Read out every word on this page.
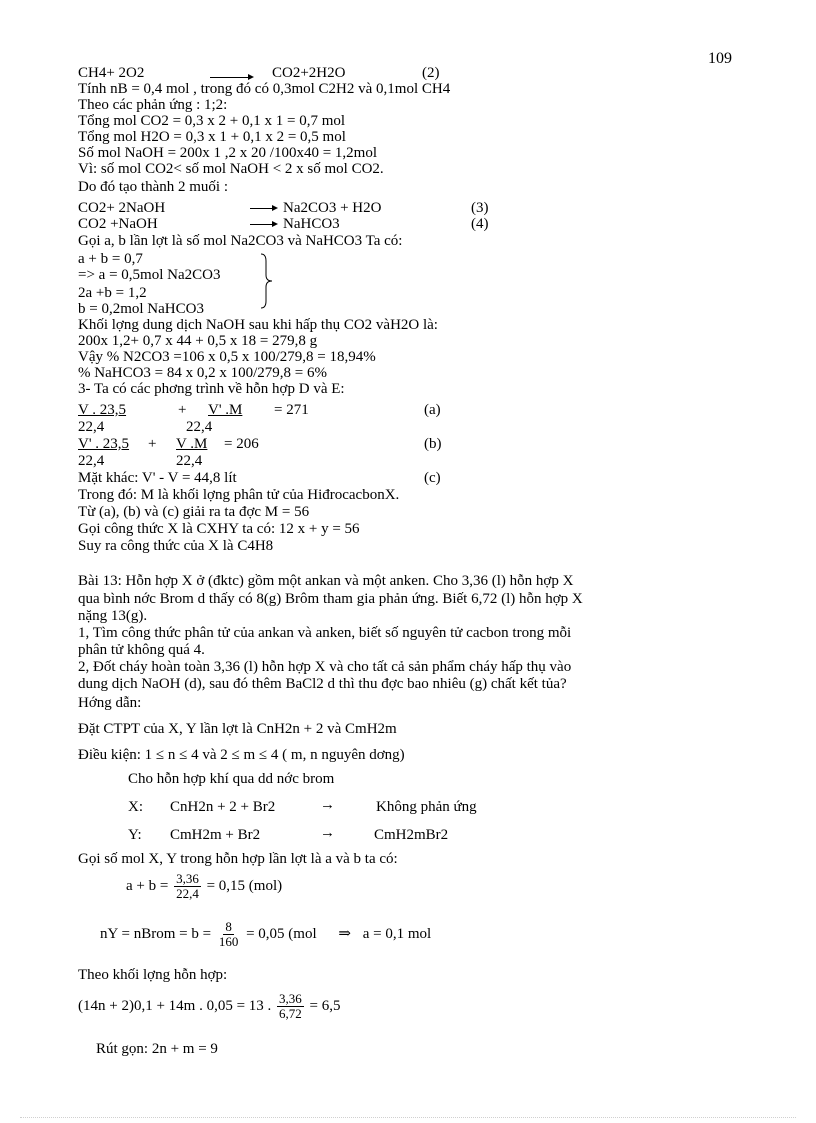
109
CH4+ 2O2	→ CO2+2H2O	(2)
Tính nB = 0,4 mol , trong đó có 0,3mol C2H2 và 0,1mol CH4
Theo các phản ứng : 1;2:
Tổng mol CO2 = 0,3 x 2 + 0,1 x 1 = 0,7 mol
Tổng mol H2O = 0,3 x 1 + 0,1 x 2 = 0,5 mol
Số mol NaOH = 200x 1 ,2 x 20 /100x40 = 1,2mol
Vì: số mol CO2< số mol NaOH < 2 x số mol CO2.
Do đó tạo thành 2 muối :
CO2+ 2NaOH	→ Na2CO3 + H2O	(3)
CO2 +NaOH	→ NaHCO3	(4)
Gọi a, b lần lợt là số mol Na2CO3 và NaHCO3 Ta có:
a + b = 0,7
=> a = 0,5mol Na2CO3
2a +b = 1,2
b = 0,2mol NaHCO3
Khối lợng dung dịch NaOH sau khi hấp thụ CO2 vàH2O là:
200x 1,2+ 0,7 x 44 + 0,5 x 18 = 279,8 g
Vậy % N2CO3 =106 x 0,5 x 100/279,8 = 18,94%
% NaHCO3 = 84 x 0,2 x 100/279,8 = 6%
3- Ta có các phơng trình về hỗn hợp D và E:
V . 23,5	+ V' .M = 271	(a)
22,4	22,4
V' . 23,5 + V .M = 206	(b)
22,4	22,4
Mặt khác: V' - V = 44,8 lít	(c)
Trong đó: M là khối lợng phân tử của HiđrocacbonX.
Từ (a), (b) và (c) giải ra ta đợc M = 56
Gọi công thức X là CXHY ta có: 12 x + y = 56
Suy ra công thức của X là C4H8
Bài 13: Hỗn hợp X ở (đktc) gồm một ankan và một anken. Cho 3,36 (l) hỗn hợp X
qua bình nớc Brom d thấy có 8(g) Brôm tham gia phản ứng. Biết 6,72 (l) hỗn hợp X
nặng 13(g).
1, Tìm công thức phân tử của ankan và anken, biết số nguyên tử cacbon trong mỗi
phân tử không quá 4.
2, Đốt cháy hoàn toàn 3,36 (l) hỗn hợp X và cho tất cả sản phẩm cháy hấp thụ vào
dung dịch NaOH (d), sau đó thêm BaCl2 d thì thu đợc bao nhiêu (g) chất kết tủa?
Hớng dẫn:
Đặt CTPT của X, Y lần lợt là CnH2n + 2 và CmH2m
Điều kiện: 1 ≤ n ≤ 4 và 2 ≤ m ≤ 4 ( m, n nguyên dơng)
Cho hỗn hợp khí qua dd nớc brom
X: CnH2n + 2 + Br2	→	Không phản ứng
Y: CmH2m + Br2	→	CmH2mBr2
Gọi số mol X, Y trong hỗn hợp lần lợt là a và b ta có:
$a + b = \frac{3,36}{22,4} = 0,15$ (mol)
nY = nBrom = $b = \frac{8}{160} = 0,05$ (mol ⇒ a = 0,1 mol
Theo khối lợng hỗn hợp:
(14n + 2)0,1 + 14m . 0,05 = 13 . $\frac{3,36}{6,72} = 6,5$
Rút gọn: 2n + m = 9
